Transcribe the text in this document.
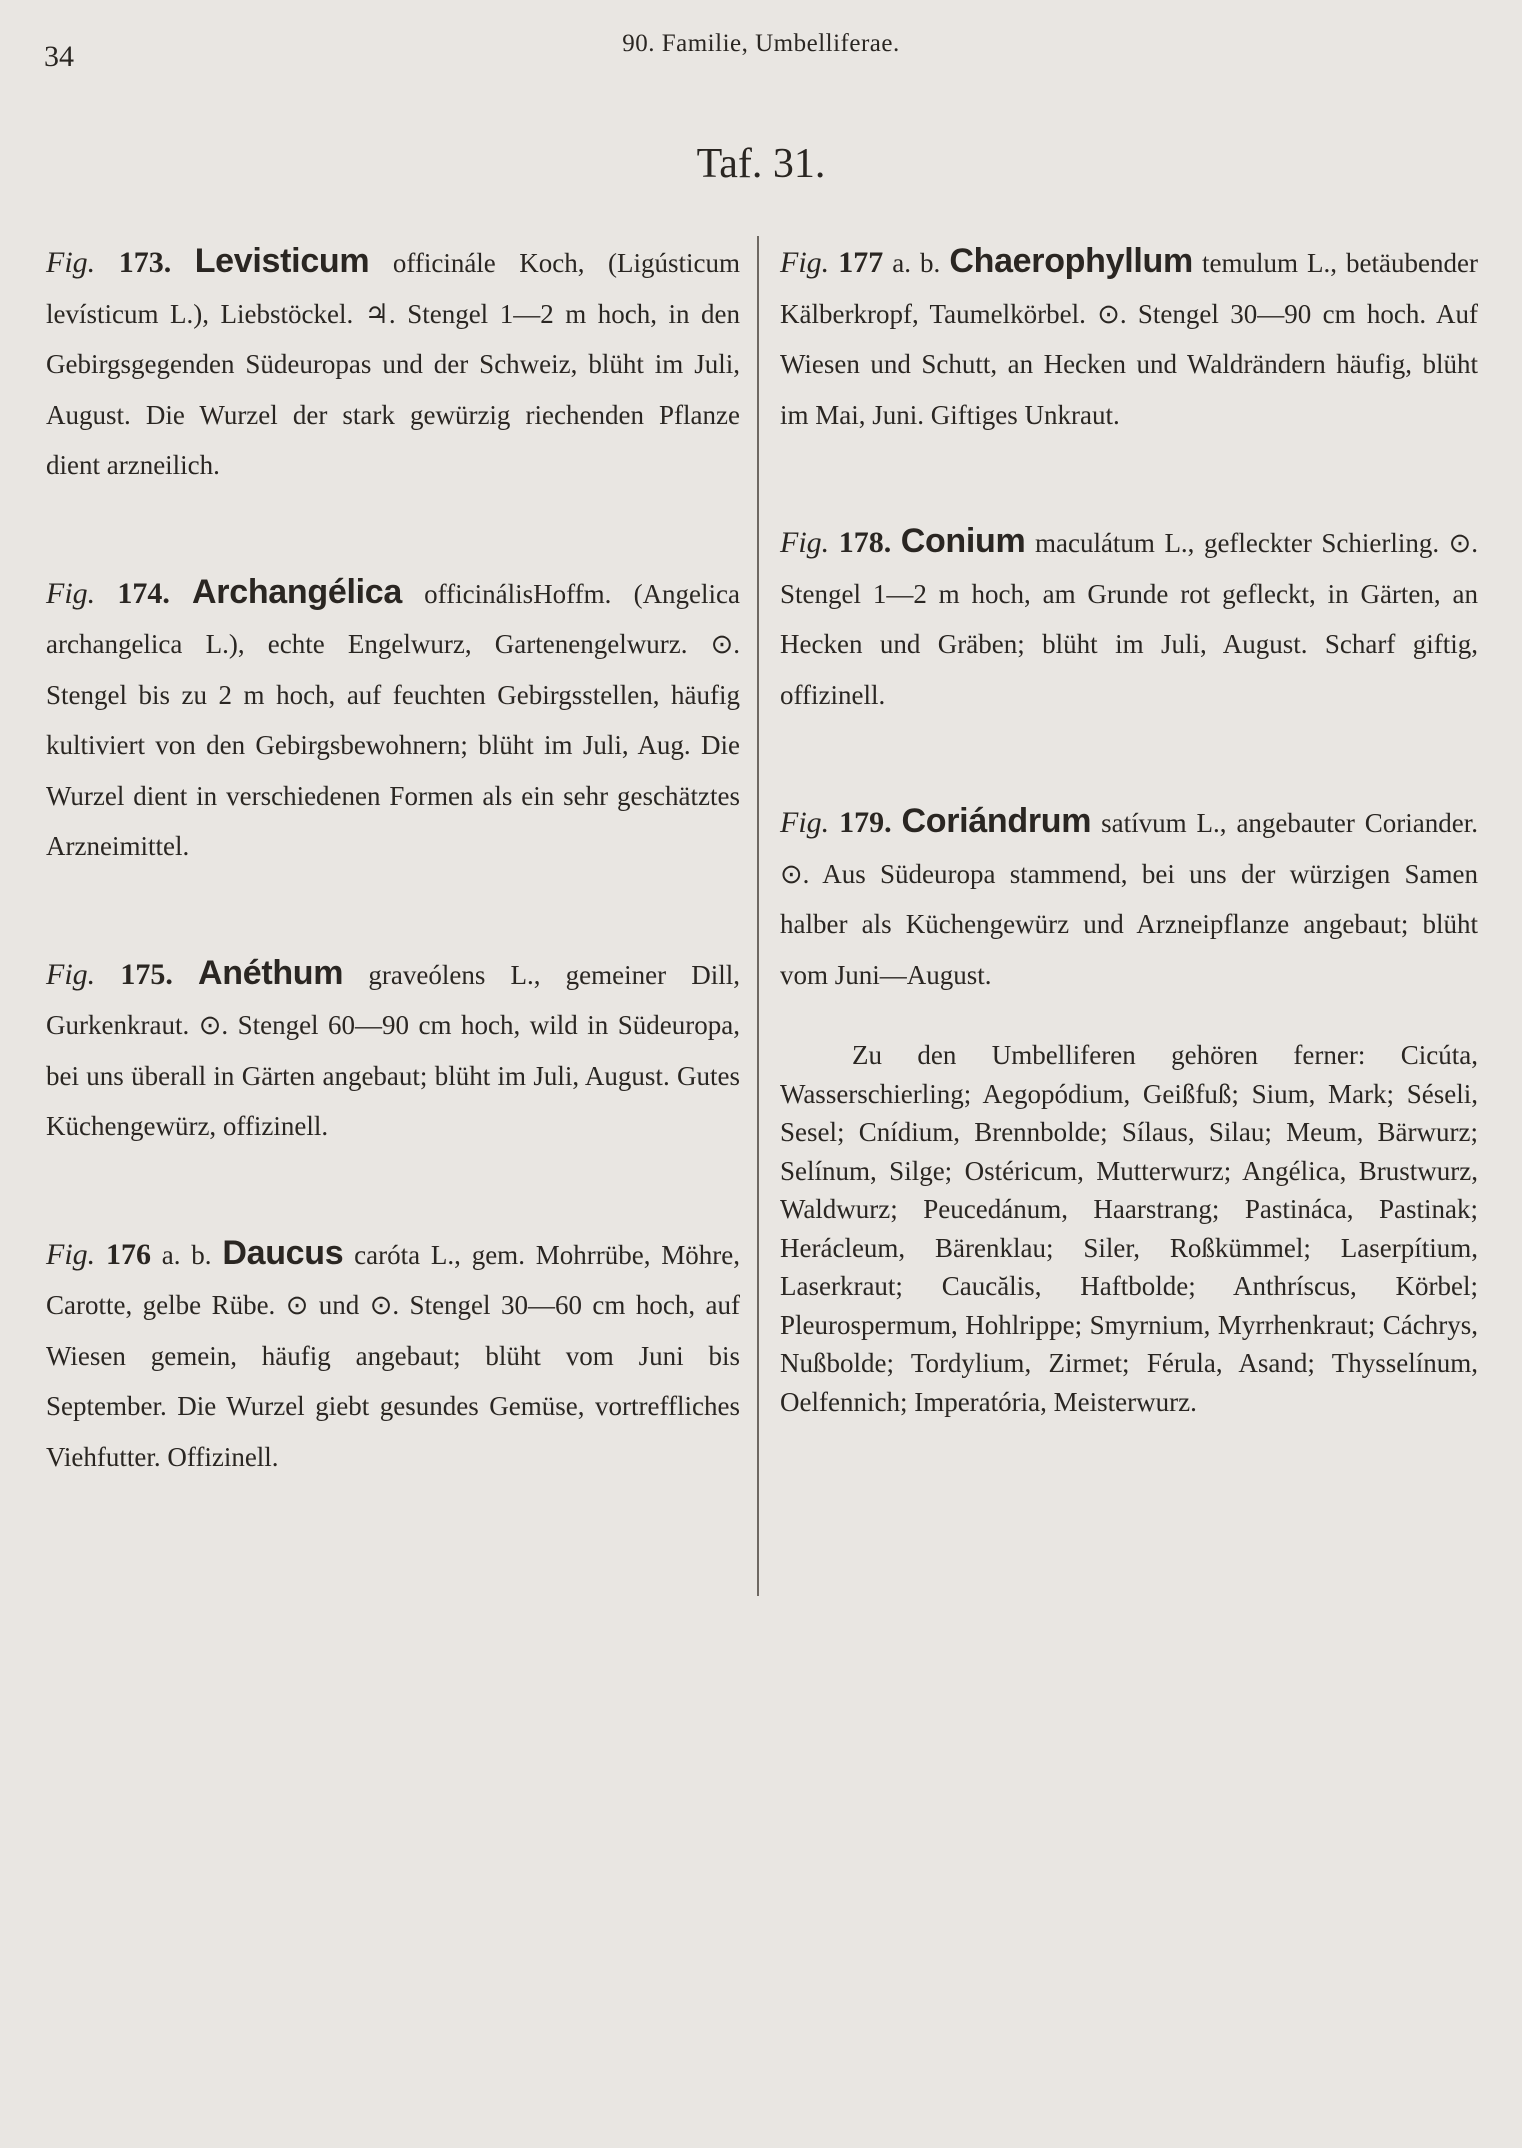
34	90. Familie, Umbelliferae.
Taf. 31.
Fig. 173. Levisticum officinále Koch, (Ligústicum levísticum L.), Liebstöckel. ♃. Stengel 1—2 m hoch, in den Gebirgsgegenden Südeuropas und der Schweiz, blüht im Juli, August. Die Wurzel der stark gewürzig riechenden Pflanze dient arzneilich.
Fig. 174. Archangélica officinálisHoffm. (Angelica archangelica L.), echte Engelwurz, Gartenengelwurz. ⊙. Stengel bis zu 2 m hoch, auf feuchten Gebirgsstellen, häufig kultiviert von den Gebirgsbewohnern; blüht im Juli, Aug. Die Wurzel dient in verschiedenen Formen als ein sehr geschätztes Arzneimittel.
Fig. 175. Anéthum graveólens L., gemeiner Dill, Gurkenkraut. ⊙. Stengel 60—90 cm hoch, wild in Südeuropa, bei uns überall in Gärten angebaut; blüht im Juli, August. Gutes Küchengewürz, offizinell.
Fig. 176 a. b. Daucus caróta L., gem. Mohrrübe, Möhre, Carotte, gelbe Rübe. ⊙ und ⊙. Stengel 30—60 cm hoch, auf Wiesen gemein, häufig angebaut; blüht vom Juni bis September. Die Wurzel giebt gesundes Gemüse, vortreffliches Viehfutter. Offizinell.
Fig. 177 a. b. Chaerophyllum temulum L., betäubender Kälberkropf, Taumelkörbel. ⊙. Stengel 30—90 cm hoch. Auf Wiesen und Schutt, an Hecken und Waldrändern häufig, blüht im Mai, Juni. Giftiges Unkraut.
Fig. 178. Conium maculátum L., gefleckter Schierling. ⊙. Stengel 1—2 m hoch, am Grunde rot gefleckt, in Gärten, an Hecken und Gräben; blüht im Juli, August. Scharf giftig, offizinell.
Fig. 179. Coriándrum satívum L., angebauter Coriander. ⊙. Aus Südeuropa stammend, bei uns der würzigen Samen halber als Küchengewürz und Arzneipflanze angebaut; blüht vom Juni—August.
Zu den Umbelliferen gehören ferner: Cicúta, Wasserschierling; Aegopódium, Geißfuß; Sium, Mark; Séseli, Sesel; Cnídium, Brennbolde; Sílaus, Silau; Meum, Bärwurz; Selínum, Silge; Ostéricum, Mutterwurz; Angélica, Brustwurz, Waldwurz; Peucedánum, Haarstrang; Pastináca, Pastinak; Herácleum, Bärenklau; Siler, Roßkümmel; Laserpítium, Laserkraut; Caucălis, Haftbolde; Anthríscus, Körbel; Pleurospermum, Hohlrippe; Smyrnium, Myrrhenkraut; Cáchrys, Nußbolde; Tordylium, Zirmet; Férula, Asand; Thysselínum, Oelfennich; Imperatória, Meisterwurz.
